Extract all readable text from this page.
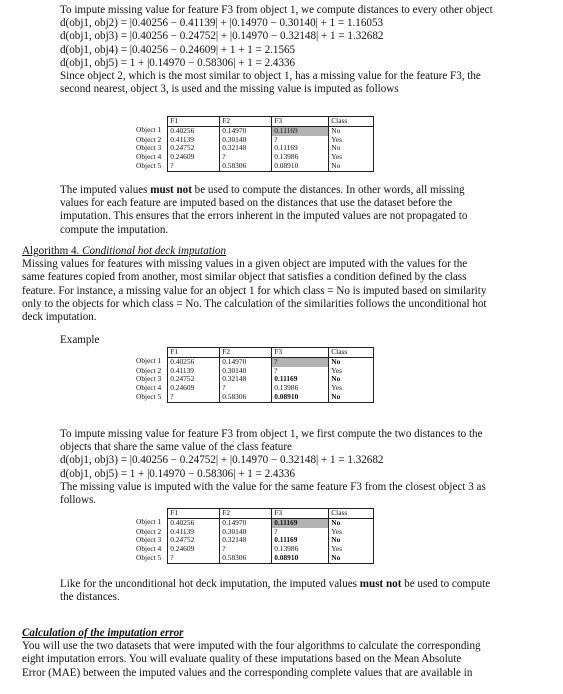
To impute missing value for feature F3 from object 1, we compute distances to every other object
d(obj1, obj2) = |0.40256 − 0.41139| + |0.14970 − 0.30140| + 1 = 1.16053
d(obj1, obj3) = |0.40256 − 0.24752| + |0.14970 − 0.32148| + 1 = 1.32682
d(obj1, obj4) = |0.40256 − 0.24609| + 1 + 1 = 2.1565
d(obj1, obj5) = 1 + |0.14970 − 0.58306| + 1 = 2.4336
Since object 2, which is the most similar to object 1, has a missing value for the feature F3, the
second nearest, object 3, is used and the missing value is imputed as follows
	F1	F2	F3	Class
Object 1	0.40256	0.14970	0.11169	No
Object 2	0.41139	0.30140	?	Yes
Object 3	0.24752	0.32148	0.11169	No
Object 4	0.24609	?	0.13986	Yes
Object 5	?	0.58306	0.08910	No
The imputed values must not be used to compute the distances. In other words, all missing
values for each feature are imputed based on the distances that use the dataset before the
imputation. This ensures that the errors inherent in the imputed values are not propagated to
compute the imputation.
Algorithm 4. Conditional hot deck imputation
Missing values for features with missing values in a given object are imputed with the values for the
same features copied from another, most similar object that satisfies a condition defined by the class
feature. For instance, a missing value for an object 1 for which class = No is imputed based on similarity
only to the objects for which class = No. The calculation of the similarities follows the unconditional hot
deck imputation.
Example
	F1	F2	F3	Class
Object 1	0.40256	0.14970	?	No
Object 2	0.41139	0.30140	?	Yes
Object 3	0.24752	0.32148	0.11169	No
Object 4	0.24609	?	0.13986	Yes
Object 5	?	0.58306	0.08910	No
To impute missing value for feature F3 from object 1, we first compute the two distances to the
objects that share the same value of the class feature
d(obj1, obj3) = |0.40256 − 0.24752| + |0.14970 − 0.32148| + 1 = 1.32682
d(obj1, obj5) = 1 + |0.14970 − 0.58306| + 1 = 2.4336
The missing value is imputed with the value for the same feature F3 from the closest object 3 as
follows.
	F1	F2	F3	Class
Object 1	0.40256	0.14970	0.11169	No
Object 2	0.41139	0.30140	?	Yes
Object 3	0.24752	0.32148	0.11169	No
Object 4	0.24609	?	0.13986	Yes
Object 5	?	0.58306	0.08910	No
Like for the unconditional hot deck imputation, the imputed values must not be used to compute
the distances.
Calculation of the imputation error
You will use the two datasets that were imputed with the four algorithms to calculate the corresponding
eight imputation errors. You will evaluate quality of these imputations based on the Mean Absolute
Error (MAE) between the imputed values and the corresponding complete values that are available in
